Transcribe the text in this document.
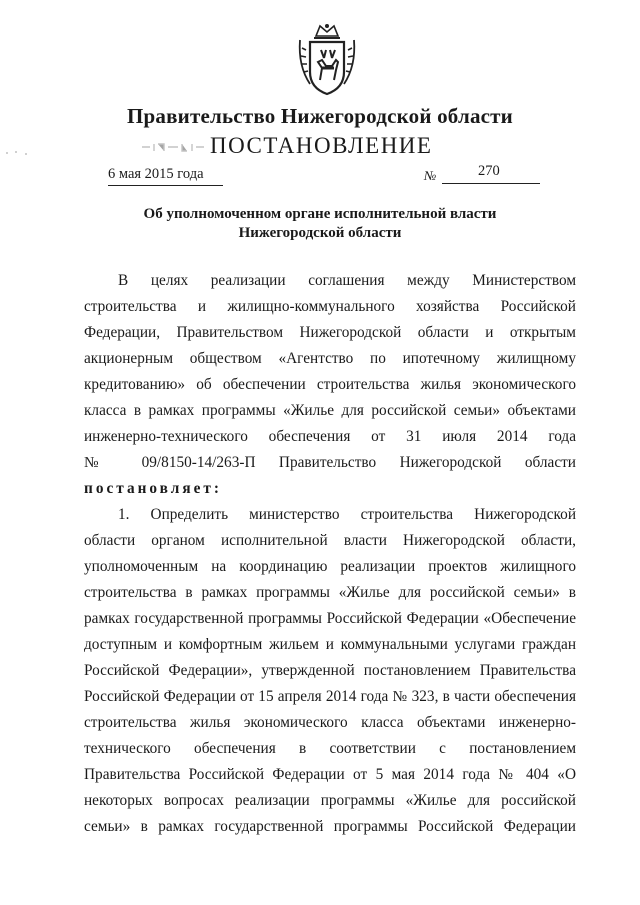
Правительство Нижегородской области
ПОСТАНОВЛЕНИЕ
6 мая 2015 года	№	270
Об уполномоченном органе исполнительной власти
Нижегородской области
В целях реализации соглашения между Министерством
строительства и жилищно-коммунального хозяйства Российской
Федерации, Правительством Нижегородской области и открытым
акционерным обществом «Агентство по ипотечному жилищному
кредитованию» об обеспечении строительства жилья экономического
класса в рамках программы «Жилье для российской семьи» объектами
инженерно-технического обеспечения от 31 июля 2014 года
№ 09/8150-14/263-П Правительство Нижегородской области
постановляет:
1. Определить министерство строительства Нижегородской
области органом исполнительной власти Нижегородской области,
уполномоченным на координацию реализации проектов жилищного
строительства в рамках программы «Жилье для российской семьи» в
рамках государственной программы Российской Федерации «Обеспечение
доступным и комфортным жильем и коммунальными услугами граждан
Российской Федерации», утвержденной постановлением Правительства
Российской Федерации от 15 апреля 2014 года № 323, в части обеспечения
строительства жилья экономического класса объектами инженерно-
технического обеспечения в соответствии с постановлением
Правительства Российской Федерации от 5 мая 2014 года № 404 «О
некоторых вопросах реализации программы «Жилье для российской
семьи» в рамках государственной программы Российской Федерации
